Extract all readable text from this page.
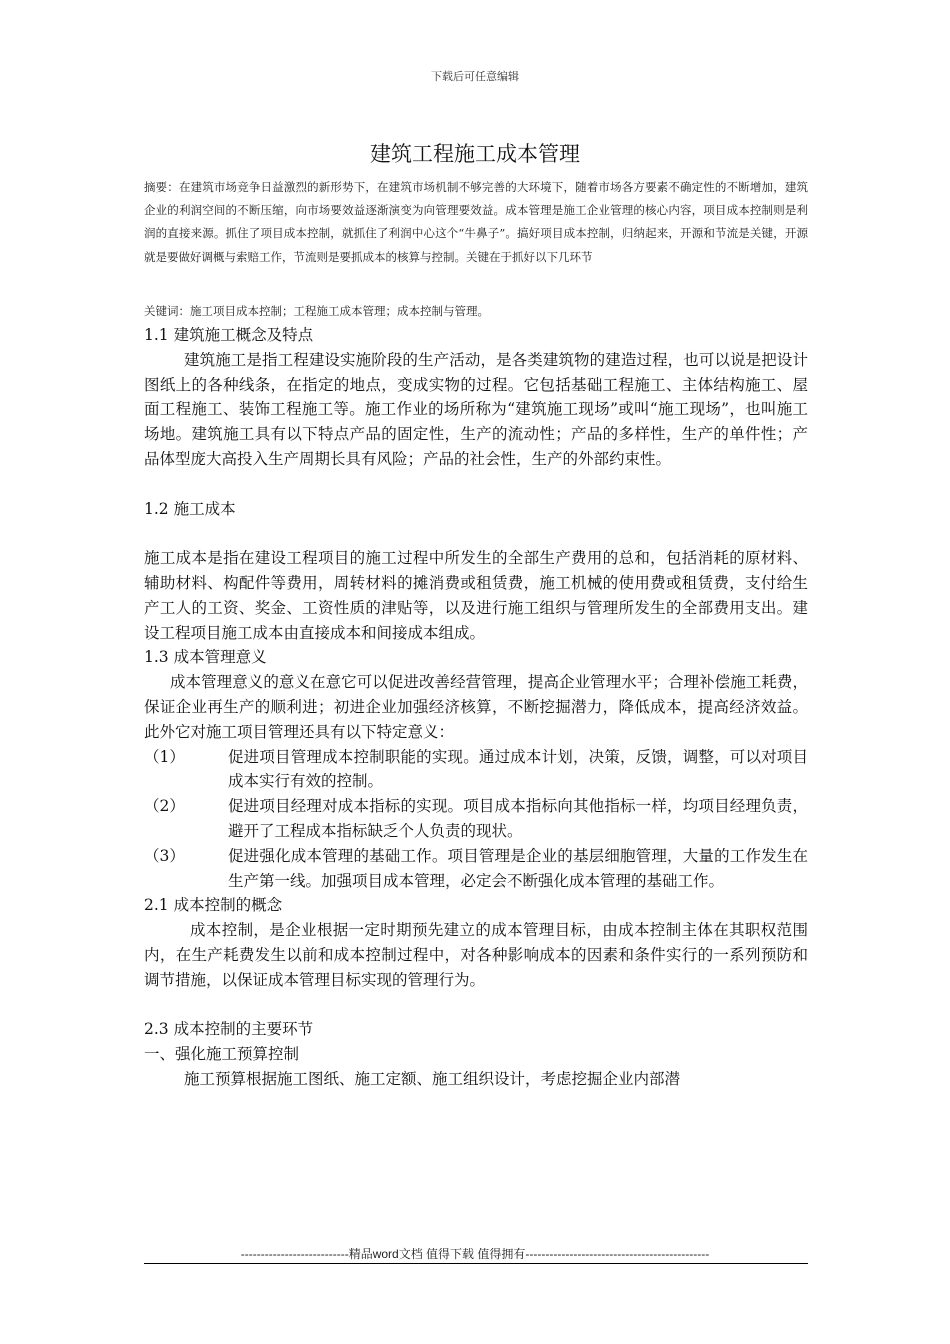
下载后可任意编辑
建筑工程施工成本管理

摘要：在建筑市场竞争日益激烈的新形势下，在建筑市场机制不够完善的大环境下，随着市场各方要素不确定性的不断增加，建筑企业的利润空间的不断压缩，向市场要效益逐渐演变为向管理要效益。成本管理是施工企业管理的核心内容，项目成本控制则是利润的直接来源。抓住了项目成本控制，就抓住了利润中心这个“牛鼻子”。搞好项目成本控制，归纳起来，开源和节流是关键，开源就是要做好调概与索赔工作，节流则是要抓成本的核算与控制。关键在于抓好以下几环节

关键词：施工项目成本控制；工程施工成本管理；成本控制与管理。

1.1 建筑施工概念及特点

建筑施工是指工程建设实施阶段的生产活动，是各类建筑物的建造过程，也可以说是把设计图纸上的各种线条，在指定的地点，变成实物的过程。它包括基础工程施工、主体结构施工、屋面工程施工、装饰工程施工等。施工作业的场所称为“建筑施工现场”或叫“施工现场”，也叫施工场地。建筑施工具有以下特点产品的固定性，生产的流动性；产品的多样性，生产的单件性；产品体型庞大高投入生产周期长具有风险；产品的社会性，生产的外部约束性。

1.2 施工成本

施工成本是指在建设工程项目的施工过程中所发生的全部生产费用的总和，包括消耗的原材料、辅助材料、构配件等费用，周转材料的摊消费或租赁费，施工机械的使用费或租赁费，支付给生产工人的工资、奖金、工资性质的津贴等，以及进行施工组织与管理所发生的全部费用支出。建设工程项目施工成本由直接成本和间接成本组成。

1.3 成本管理意义

成本管理意义的意义在意它可以促进改善经营管理，提高企业管理水平；合理补偿施工耗费，保证企业再生产的顺利进；初进企业加强经济核算，不断挖掘潜力，降低成本，提高经济效益。此外它对施工项目管理还具有以下特定意义：

（1）	促进项目管理成本控制职能的实现。通过成本计划，决策，反馈，调整，可以对项目成本实行有效的控制。

（2）	促进项目经理对成本指标的实现。项目成本指标向其他指标一样，均项目经理负责，避开了工程成本指标缺乏个人负责的现状。

（3）	促进强化成本管理的基础工作。项目管理是企业的基层细胞管理，大量的工作发生在生产第一线。加强项目成本管理，必定会不断强化成本管理的基础工作。

2.1 成本控制的概念

成本控制，是企业根据一定时期预先建立的成本管理目标，由成本控制主体在其职权范围内，在生产耗费发生以前和成本控制过程中，对各种影响成本的因素和条件实行的一系列预防和调节措施，以保证成本管理目标实现的管理行为。

2.3 成本控制的主要环节
一、强化施工预算控制

施工预算根据施工图纸、施工定额、施工组织设计，考虑挖掘企业内部潜

---------------------------精品word文档 值得下载 值得拥有----------------------------------------------
